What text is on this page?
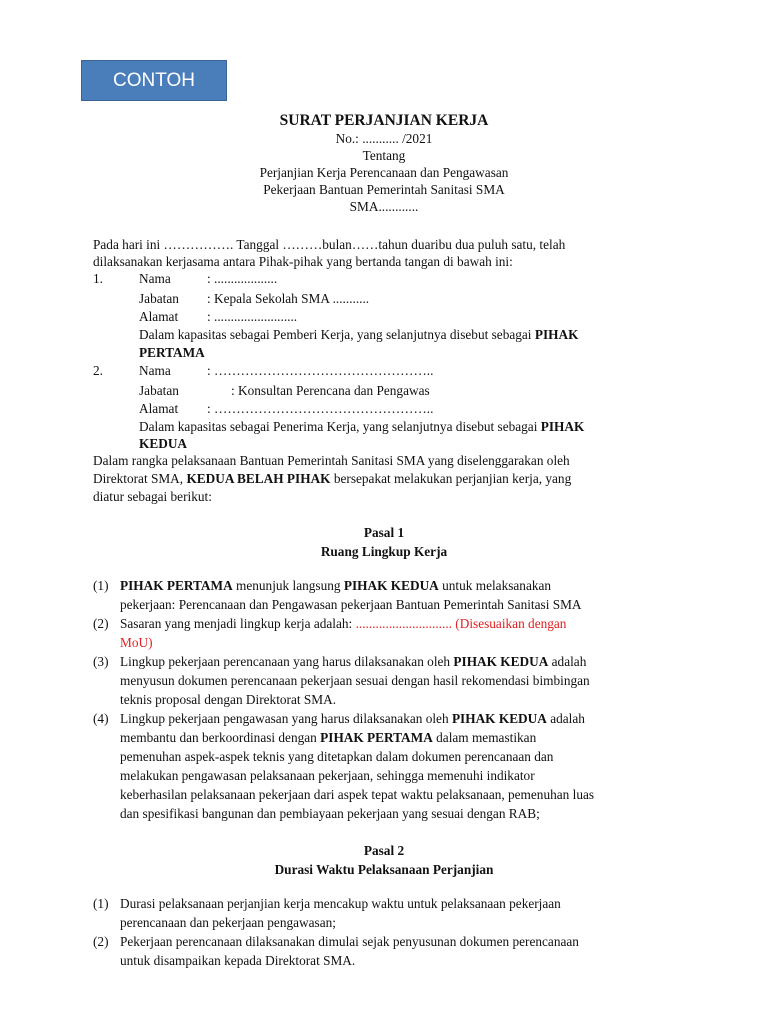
CONTOH
SURAT PERJANJIAN KERJA
No.: ........... /2021
Tentang
Perjanjian Kerja Perencanaan dan Pengawasan
Pekerjaan Bantuan Pemerintah Sanitasi SMA
SMA............
Pada hari ini ……………. Tanggal ………bulan……tahun duaribu dua puluh satu, telah
dilaksanakan kerjasama antara Pihak-pihak yang bertanda tangan di bawah ini:
1.	Nama	: ...................
Jabatan : Kepala Sekolah SMA ...........
Alamat : .........................
Dalam kapasitas sebagai Pemberi Kerja, yang selanjutnya disebut sebagai PIHAK
PERTAMA
2.	Nama	: …………………………………………..
Jabatan	: Konsultan Perencana dan Pengawas
Alamat : …………………………………………..
Dalam kapasitas sebagai Penerima Kerja, yang selanjutnya disebut sebagai PIHAK
KEDUA
Dalam rangka pelaksanaan Bantuan Pemerintah Sanitasi SMA yang diselenggarakan oleh
Direktorat SMA, KEDUA BELAH PIHAK bersepakat melakukan perjanjian kerja, yang
diatur sebagai berikut:
Pasal 1
Ruang Lingkup Kerja
(1) PIHAK PERTAMA menunjuk langsung PIHAK KEDUA untuk melaksanakan
pekerjaan: Perencanaan dan Pengawasan pekerjaan Bantuan Pemerintah Sanitasi SMA
(2) Sasaran yang menjadi lingkup kerja adalah: ............................. (Disesuaikan dengan
MoU)
(3) Lingkup pekerjaan perencanaan yang harus dilaksanakan oleh PIHAK KEDUA adalah
menyusun dokumen perencanaan pekerjaan sesuai dengan hasil rekomendasi bimbingan
teknis proposal dengan Direktorat SMA.
(4) Lingkup pekerjaan pengawasan yang harus dilaksanakan oleh PIHAK KEDUA adalah
membantu dan berkoordinasi dengan PIHAK PERTAMA dalam memastikan
pemenuhan aspek-aspek teknis yang ditetapkan dalam dokumen perencanaan dan
melakukan pengawasan pelaksanaan pekerjaan, sehingga memenuhi indikator
keberhasilan pelaksanaan pekerjaan dari aspek tepat waktu pelaksanaan, pemenuhan luas
dan spesifikasi bangunan dan pembiayaan pekerjaan yang sesuai dengan RAB;
Pasal 2
Durasi Waktu Pelaksanaan Perjanjian
(1) Durasi pelaksanaan perjanjian kerja mencakup waktu untuk pelaksanaan pekerjaan
perencanaan dan pekerjaan pengawasan;
(2) Pekerjaan perencanaan dilaksanakan dimulai sejak penyusunan dokumen perencanaan
untuk disampaikan kepada Direktorat SMA.
